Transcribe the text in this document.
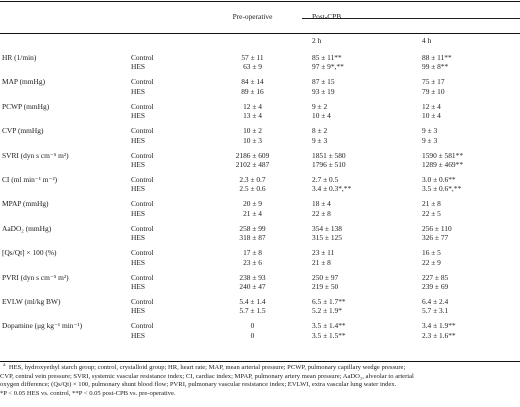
		Pre-operative	Post-CPB	

			2 h	4 h

HR (1/min)	Control	57 ± 11	85 ± 11**	88 ± 11**
	HES	63 ± 9	97 ± 9*,**	99 ± 8**

MAP (mmHg)	Control	84 ± 14	87 ± 15	75 ± 17
	HES	89 ± 16	93 ± 19	79 ± 10

PCWP (mmHg)	Control	12 ± 4	9 ± 2	12 ± 4
	HES	13 ± 4	10 ± 4	10 ± 4

CVP (mmHg)	Control	10 ± 2	8 ± 2	9 ± 3
	HES	10 ± 3	9 ± 3	9 ± 3

SVRI (dyn s cm⁻⁵ m²)	Control	2186 ± 609	1851 ± 580	1590 ± 581**
	HES	2102 ± 487	1796 ± 510	1289 ± 469**

CI (ml min⁻¹ m⁻²)	Control	2.3 ± 0.7	2.7 ± 0.5	3.0 ± 0.6**
	HES	2.5 ± 0.6	3.4 ± 0.3*,**	3.5 ± 0.6*,**

MPAP (mmHg)	Control	20 ± 9	18 ± 4	21 ± 8
	HES	21 ± 4	22 ± 8	22 ± 5

AaDO₂ (mmHg)	Control	258 ± 99	354 ± 138	256 ± 110
	HES	318 ± 87	315 ± 125	326 ± 77

[Qs/Qt] × 100 (%)	Control	17 ± 8	23 ± 11	16 ± 5
	HES	23 ± 6	21 ± 8	22 ± 9

PVRI (dyn s cm⁻⁵ m²)	Control	238 ± 93	250 ± 97	227 ± 85
	HES	240 ± 47	219 ± 50	239 ± 69

EVLW (ml/kg BW)	Control	5.4 ± 1.4	6.5 ± 1.7**	6.4 ± 2.4
	HES	5.7 ± 1.5	5.2 ± 1.9*	5.7 ± 3.1

Dopamine (μg kg⁻¹ min⁻¹)	Control	0	3.5 ± 1.4**	3.4 ± 1.9**
	HES	0	3.5 ± 1.5**	2.3 ± 1.6**

$^a$ HES, hydroxyethyl starch group; control, crystalloid group; HR, heart rate; MAP, mean arterial pressure; PCWP, pulmonary capillary wedge pressure;

CVP, central vein pressure; SVRI, systemic vascular resistance index; CI, cardiac index; MPAP, pulmonary artery mean pressure; AaDO₂, alveolar to arterial

oxygen difference; (Qs/Qt) × 100, pulmonary shunt blood flow; PVRI, pulmonary vascular resistance index; EVLWI, extra vascular lung water index.

*P < 0.05 HES vs. control, **P < 0.05 post-CPB vs. pre-operative.
